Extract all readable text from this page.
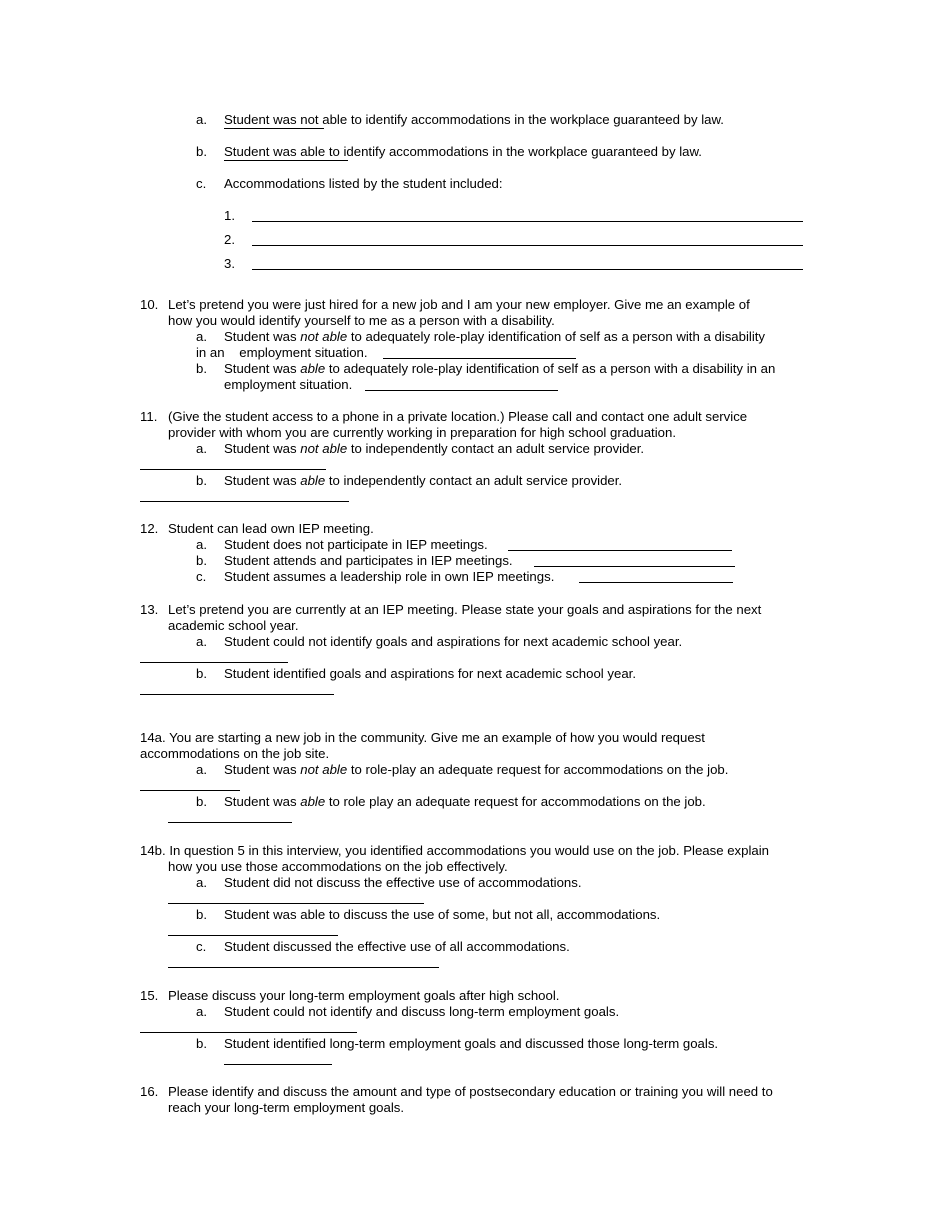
a. Student was not able to identify accommodations in the workplace guaranteed by law.
b. Student was able to identify accommodations in the workplace guaranteed by law.
c. Accommodations listed by the student included:
1.
2.
3.
10. Let’s pretend you were just hired for a new job and I am your new employer. Give me an example of
how you would identify yourself to me as a person with a disability.
a. Student was not able to adequately role-play identification of self as a person with a disability
in an    employment situation.
b. Student was able to adequately role-play identification of self as a person with a disability in an
employment situation.
11. (Give the student access to a phone in a private location.) Please call and contact one adult service
provider with whom you are currently working in preparation for high school graduation.
a. Student was not able to independently contact an adult service provider.
b. Student was able to independently contact an adult service provider.
12. Student can lead own IEP meeting.
a. Student does not participate in IEP meetings.
b. Student attends and participates in IEP meetings.
c. Student assumes a leadership role in own IEP meetings.
13. Let’s pretend you are currently at an IEP meeting. Please state your goals and aspirations for the next
academic school year.
a. Student could not identify goals and aspirations for next academic school year.
b. Student identified goals and aspirations for next academic school year.
14a. You are starting a new job in the community. Give me an example of how you would request
accommodations on the job site.
a. Student was not able to role-play an adequate request for accommodations on the job.
b. Student was able to role play an adequate request for accommodations on the job.
14b. In question 5 in this interview, you identified accommodations you would use on the job. Please explain
how you use those accommodations on the job effectively.
a. Student did not discuss the effective use of accommodations.
b. Student was able to discuss the use of some, but not all, accommodations.
c. Student discussed the effective use of all accommodations.
15. Please discuss your long-term employment goals after high school.
a. Student could not identify and discuss long-term employment goals.
b. Student identified long-term employment goals and discussed those long-term goals.
16. Please identify and discuss the amount and type of postsecondary education or training you will need to
reach your long-term employment goals.
